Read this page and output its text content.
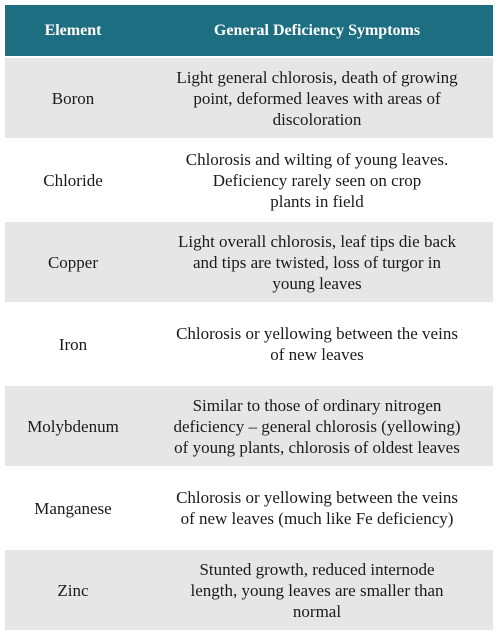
Element	General Deficiency Symptoms
Boron
Light general chlorosis, death of growing
point, deformed leaves with areas of
discoloration
Chloride
Chlorosis and wilting of young leaves.
Deficiency rarely seen on crop
plants in field
Copper
Light overall chlorosis, leaf tips die back
and tips are twisted, loss of turgor in
young leaves
Iron
Chlorosis or yellowing between the veins
of new leaves
Molybdenum
Similar to those of ordinary nitrogen
deficiency – general chlorosis (yellowing)
of young plants, chlorosis of oldest leaves
Manganese
Chlorosis or yellowing between the veins
of new leaves (much like Fe deficiency)
Zinc
Stunted growth, reduced internode
length, young leaves are smaller than
normal
